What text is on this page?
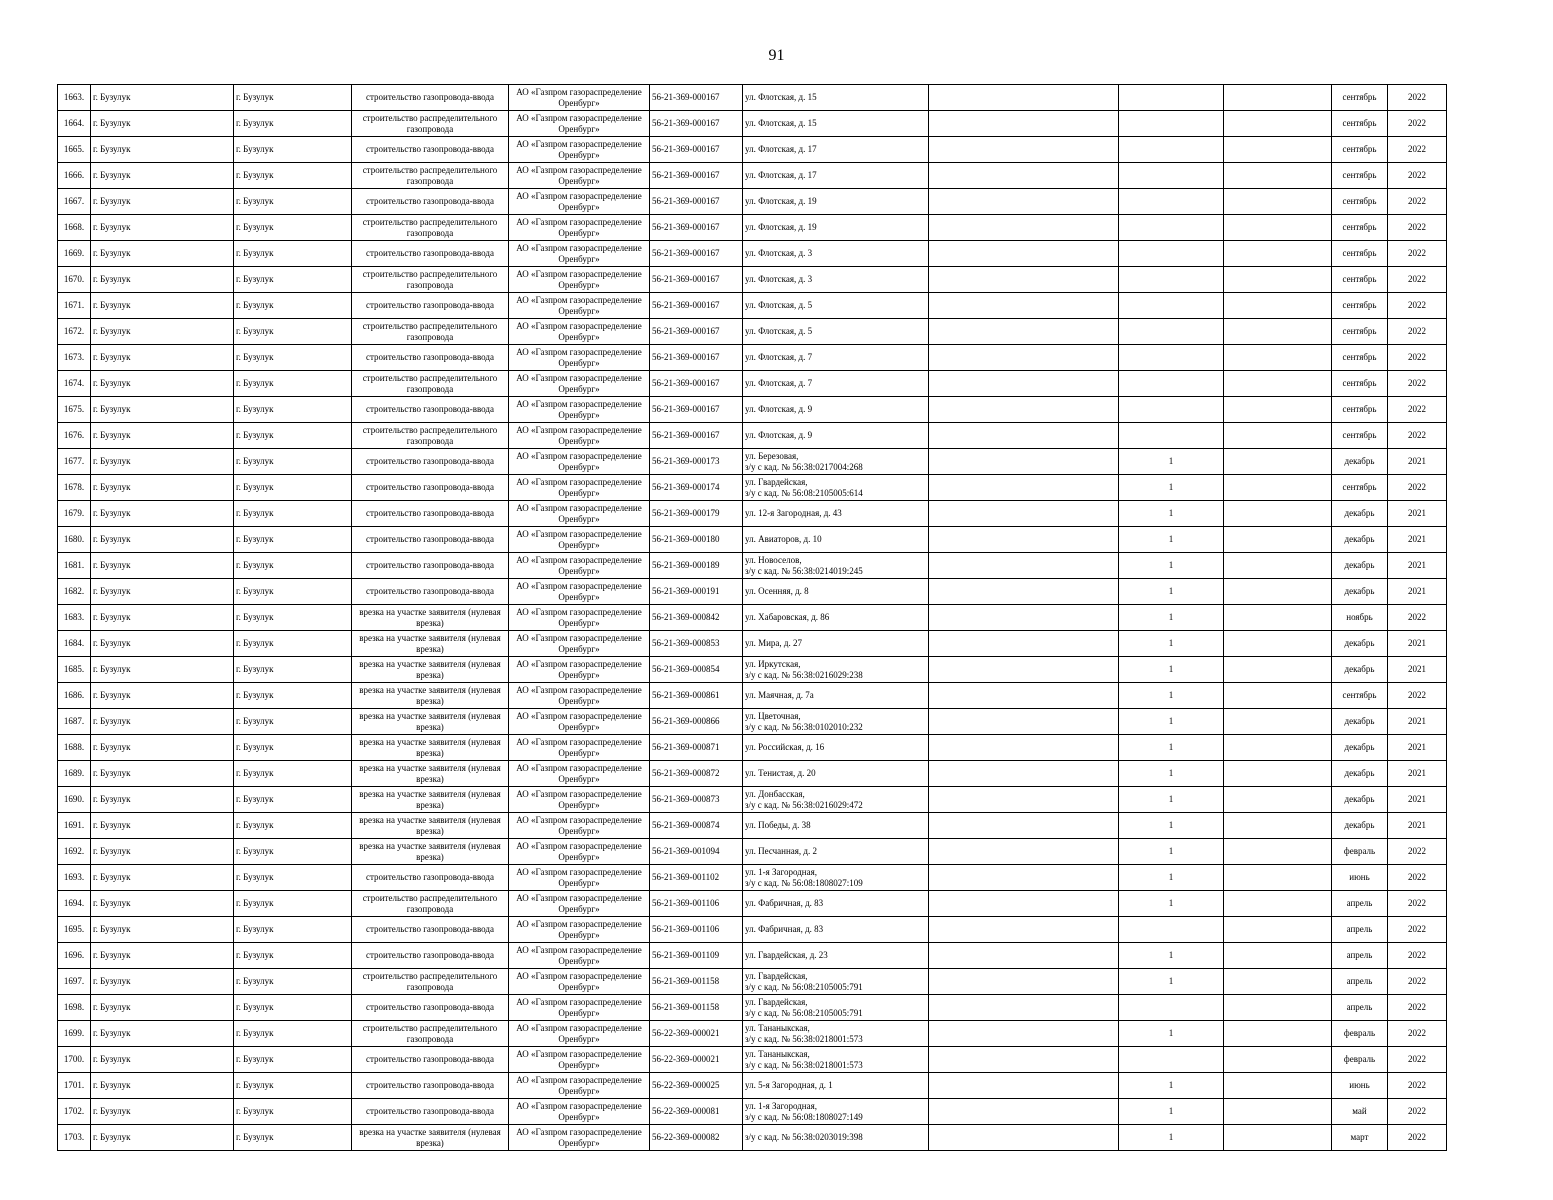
91
1663.	г. Бузулук	г. Бузулук	строительство газопровода-ввода	АО «Газпром газораспределение Оренбург»	56-21-369-000167	ул. Флотская, д. 15				сентябрь	2022
1664.	г. Бузулук	г. Бузулук	строительство распределительного газопровода	АО «Газпром газораспределение Оренбург»	56-21-369-000167	ул. Флотская, д. 15				сентябрь	2022
1665.	г. Бузулук	г. Бузулук	строительство газопровода-ввода	АО «Газпром газораспределение Оренбург»	56-21-369-000167	ул. Флотская, д. 17				сентябрь	2022
1666.	г. Бузулук	г. Бузулук	строительство распределительного газопровода	АО «Газпром газораспределение Оренбург»	56-21-369-000167	ул. Флотская, д. 17				сентябрь	2022
1667.	г. Бузулук	г. Бузулук	строительство газопровода-ввода	АО «Газпром газораспределение Оренбург»	56-21-369-000167	ул. Флотская, д. 19				сентябрь	2022
1668.	г. Бузулук	г. Бузулук	строительство распределительного газопровода	АО «Газпром газораспределение Оренбург»	56-21-369-000167	ул. Флотская, д. 19				сентябрь	2022
1669.	г. Бузулук	г. Бузулук	строительство газопровода-ввода	АО «Газпром газораспределение Оренбург»	56-21-369-000167	ул. Флотская, д. 3				сентябрь	2022
1670.	г. Бузулук	г. Бузулук	строительство распределительного газопровода	АО «Газпром газораспределение Оренбург»	56-21-369-000167	ул. Флотская, д. 3				сентябрь	2022
1671.	г. Бузулук	г. Бузулук	строительство газопровода-ввода	АО «Газпром газораспределение Оренбург»	56-21-369-000167	ул. Флотская, д. 5				сентябрь	2022
1672.	г. Бузулук	г. Бузулук	строительство распределительного газопровода	АО «Газпром газораспределение Оренбург»	56-21-369-000167	ул. Флотская, д. 5				сентябрь	2022
1673.	г. Бузулук	г. Бузулук	строительство газопровода-ввода	АО «Газпром газораспределение Оренбург»	56-21-369-000167	ул. Флотская, д. 7				сентябрь	2022
1674.	г. Бузулук	г. Бузулук	строительство распределительного газопровода	АО «Газпром газораспределение Оренбург»	56-21-369-000167	ул. Флотская, д. 7				сентябрь	2022
1675.	г. Бузулук	г. Бузулук	строительство газопровода-ввода	АО «Газпром газораспределение Оренбург»	56-21-369-000167	ул. Флотская, д. 9				сентябрь	2022
1676.	г. Бузулук	г. Бузулук	строительство распределительного газопровода	АО «Газпром газораспределение Оренбург»	56-21-369-000167	ул. Флотская, д. 9				сентябрь	2022
1677.	г. Бузулук	г. Бузулук	строительство газопровода-ввода	АО «Газпром газораспределение Оренбург»	56-21-369-000173	ул. Березовая,
з/у с кад. № 56:38:0217004:268		1		декабрь	2021
1678.	г. Бузулук	г. Бузулук	строительство газопровода-ввода	АО «Газпром газораспределение Оренбург»	56-21-369-000174	ул. Гвардейская,
з/у с кад. № 56:08:2105005:614		1		сентябрь	2022
1679.	г. Бузулук	г. Бузулук	строительство газопровода-ввода	АО «Газпром газораспределение Оренбург»	56-21-369-000179	ул. 12-я Загородная, д. 43		1		декабрь	2021
1680.	г. Бузулук	г. Бузулук	строительство газопровода-ввода	АО «Газпром газораспределение Оренбург»	56-21-369-000180	ул. Авиаторов, д. 10		1		декабрь	2021
1681.	г. Бузулук	г. Бузулук	строительство газопровода-ввода	АО «Газпром газораспределение Оренбург»	56-21-369-000189	ул. Новоселов,
з/у с кад. № 56:38:0214019:245		1		декабрь	2021
1682.	г. Бузулук	г. Бузулук	строительство газопровода-ввода	АО «Газпром газораспределение Оренбург»	56-21-369-000191	ул. Осенняя, д. 8		1		декабрь	2021
1683.	г. Бузулук	г. Бузулук	врезка на участке заявителя (нулевая врезка)	АО «Газпром газораспределение Оренбург»	56-21-369-000842	ул. Хабаровская, д. 86		1		ноябрь	2022
1684.	г. Бузулук	г. Бузулук	врезка на участке заявителя (нулевая врезка)	АО «Газпром газораспределение Оренбург»	56-21-369-000853	ул. Мира, д. 27		1		декабрь	2021
1685.	г. Бузулук	г. Бузулук	врезка на участке заявителя (нулевая врезка)	АО «Газпром газораспределение Оренбург»	56-21-369-000854	ул. Иркутская,
з/у с кад. № 56:38:0216029:238		1		декабрь	2021
1686.	г. Бузулук	г. Бузулук	врезка на участке заявителя (нулевая врезка)	АО «Газпром газораспределение Оренбург»	56-21-369-000861	ул. Маячная, д. 7а		1		сентябрь	2022
1687.	г. Бузулук	г. Бузулук	врезка на участке заявителя (нулевая врезка)	АО «Газпром газораспределение Оренбург»	56-21-369-000866	ул. Цветочная,
з/у с кад. № 56:38:0102010:232		1		декабрь	2021
1688.	г. Бузулук	г. Бузулук	врезка на участке заявителя (нулевая врезка)	АО «Газпром газораспределение Оренбург»	56-21-369-000871	ул. Российская, д. 16		1		декабрь	2021
1689.	г. Бузулук	г. Бузулук	врезка на участке заявителя (нулевая врезка)	АО «Газпром газораспределение Оренбург»	56-21-369-000872	ул. Тенистая, д. 20		1		декабрь	2021
1690.	г. Бузулук	г. Бузулук	врезка на участке заявителя (нулевая врезка)	АО «Газпром газораспределение Оренбург»	56-21-369-000873	ул. Донбасская,
з/у с кад. № 56:38:0216029:472		1		декабрь	2021
1691.	г. Бузулук	г. Бузулук	врезка на участке заявителя (нулевая врезка)	АО «Газпром газораспределение Оренбург»	56-21-369-000874	ул. Победы, д. 38		1		декабрь	2021
1692.	г. Бузулук	г. Бузулук	врезка на участке заявителя (нулевая врезка)	АО «Газпром газораспределение Оренбург»	56-21-369-001094	ул. Песчанная, д. 2		1		февраль	2022
1693.	г. Бузулук	г. Бузулук	строительство газопровода-ввода	АО «Газпром газораспределение Оренбург»	56-21-369-001102	ул. 1-я Загородная,
з/у с кад. № 56:08:1808027:109		1		июнь	2022
1694.	г. Бузулук	г. Бузулук	строительство распределительного газопровода	АО «Газпром газораспределение Оренбург»	56-21-369-001106	ул. Фабричная, д. 83		1		апрель	2022
1695.	г. Бузулук	г. Бузулук	строительство газопровода-ввода	АО «Газпром газораспределение Оренбург»	56-21-369-001106	ул. Фабричная, д. 83				апрель	2022
1696.	г. Бузулук	г. Бузулук	строительство газопровода-ввода	АО «Газпром газораспределение Оренбург»	56-21-369-001109	ул. Гвардейская, д. 23		1		апрель	2022
1697.	г. Бузулук	г. Бузулук	строительство распределительного газопровода	АО «Газпром газораспределение Оренбург»	56-21-369-001158	ул. Гвардейская,
з/у с кад. № 56:08:2105005:791		1		апрель	2022
1698.	г. Бузулук	г. Бузулук	строительство газопровода-ввода	АО «Газпром газораспределение Оренбург»	56-21-369-001158	ул. Гвардейская,
з/у с кад. № 56:08:2105005:791				апрель	2022
1699.	г. Бузулук	г. Бузулук	строительство распределительного газопровода	АО «Газпром газораспределение Оренбург»	56-22-369-000021	ул. Тананыкская,
з/у с кад. № 56:38:0218001:573		1		февраль	2022
1700.	г. Бузулук	г. Бузулук	строительство газопровода-ввода	АО «Газпром газораспределение Оренбург»	56-22-369-000021	ул. Тананыкская,
з/у с кад. № 56:38:0218001:573				февраль	2022
1701.	г. Бузулук	г. Бузулук	строительство газопровода-ввода	АО «Газпром газораспределение Оренбург»	56-22-369-000025	ул. 5-я Загородная, д. 1		1		июнь	2022
1702.	г. Бузулук	г. Бузулук	строительство газопровода-ввода	АО «Газпром газораспределение Оренбург»	56-22-369-000081	ул. 1-я Загородная,
з/у с кад. № 56:08:1808027:149		1		май	2022
1703.	г. Бузулук	г. Бузулук	врезка на участке заявителя (нулевая врезка)	АО «Газпром газораспределение Оренбург»	56-22-369-000082	з/у с кад. № 56:38:0203019:398		1		март	2022
